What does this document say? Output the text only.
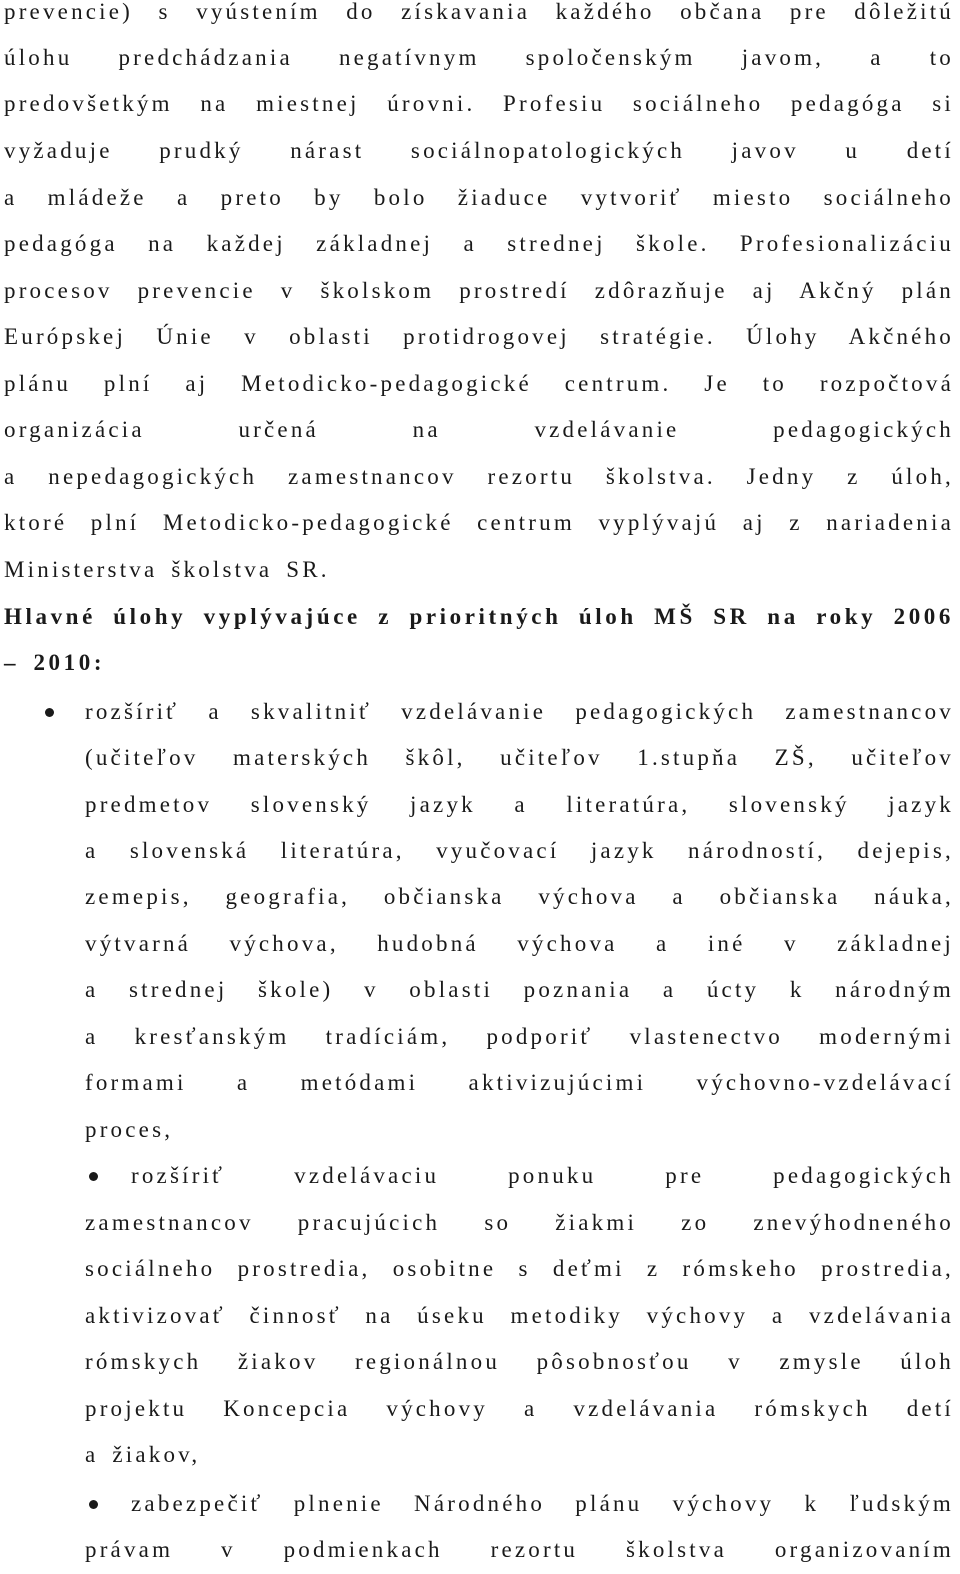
prevencie) s vyústením do získavania každého občana pre dôležitú
úlohu predchádzania negatívnym spoločenským javom, a to
predovšetkým na miestnej úrovni. Profesiu sociálneho pedagóga si
vyžaduje prudký nárast sociálnopatologických javov u detí
a mládeže a preto by bolo žiaduce vytvoriť miesto sociálneho
pedagóga na každej základnej a strednej škole. Profesionalizáciu
procesov prevencie v školskom prostredí zdôrazňuje aj Akčný plán
Európskej Únie v oblasti protidrogovej stratégie. Úlohy Akčného
plánu plní aj Metodicko-pedagogické centrum. Je to rozpočtová
organizácia určená na vzdelávanie pedagogických
a nepedagogických zamestnancov rezortu školstva. Jedny z úloh,
ktoré plní Metodicko-pedagogické centrum vyplývajú aj z nariadenia
Ministerstva školstva SR.
Hlavné úlohy vyplývajúce z prioritných úloh MŠ SR na roky 2006
– 2010:
rozšíriť a skvalitniť vzdelávanie pedagogických zamestnancov
(učiteľov materských škôl, učiteľov 1.stupňa ZŠ, učiteľov
predmetov slovenský jazyk a literatúra, slovenský jazyk
a slovenská literatúra, vyučovací jazyk národností, dejepis,
zemepis, geografia, občianska výchova a občianska náuka,
výtvarná výchova, hudobná výchova a iné v základnej
a strednej škole) v oblasti poznania a úcty k národným
a kresťanským tradíciám, podporiť vlastenectvo modernými
formami a metódami aktivizujúcimi výchovno-vzdelávací
proces,
rozšíriť vzdelávaciu ponuku pre pedagogických
zamestnancov pracujúcich so žiakmi zo znevýhodneného
sociálneho prostredia, osobitne s deťmi z rómskeho prostredia,
aktivizovať činnosť na úseku metodiky výchovy a vzdelávania
rómskych žiakov regionálnou pôsobnosťou v zmysle úloh
projektu Koncepcia výchovy a vzdelávania rómskych detí
a žiakov,
zabezpečiť plnenie Národného plánu výchovy k ľudským
právam v podmienkach rezortu školstva organizovaním
